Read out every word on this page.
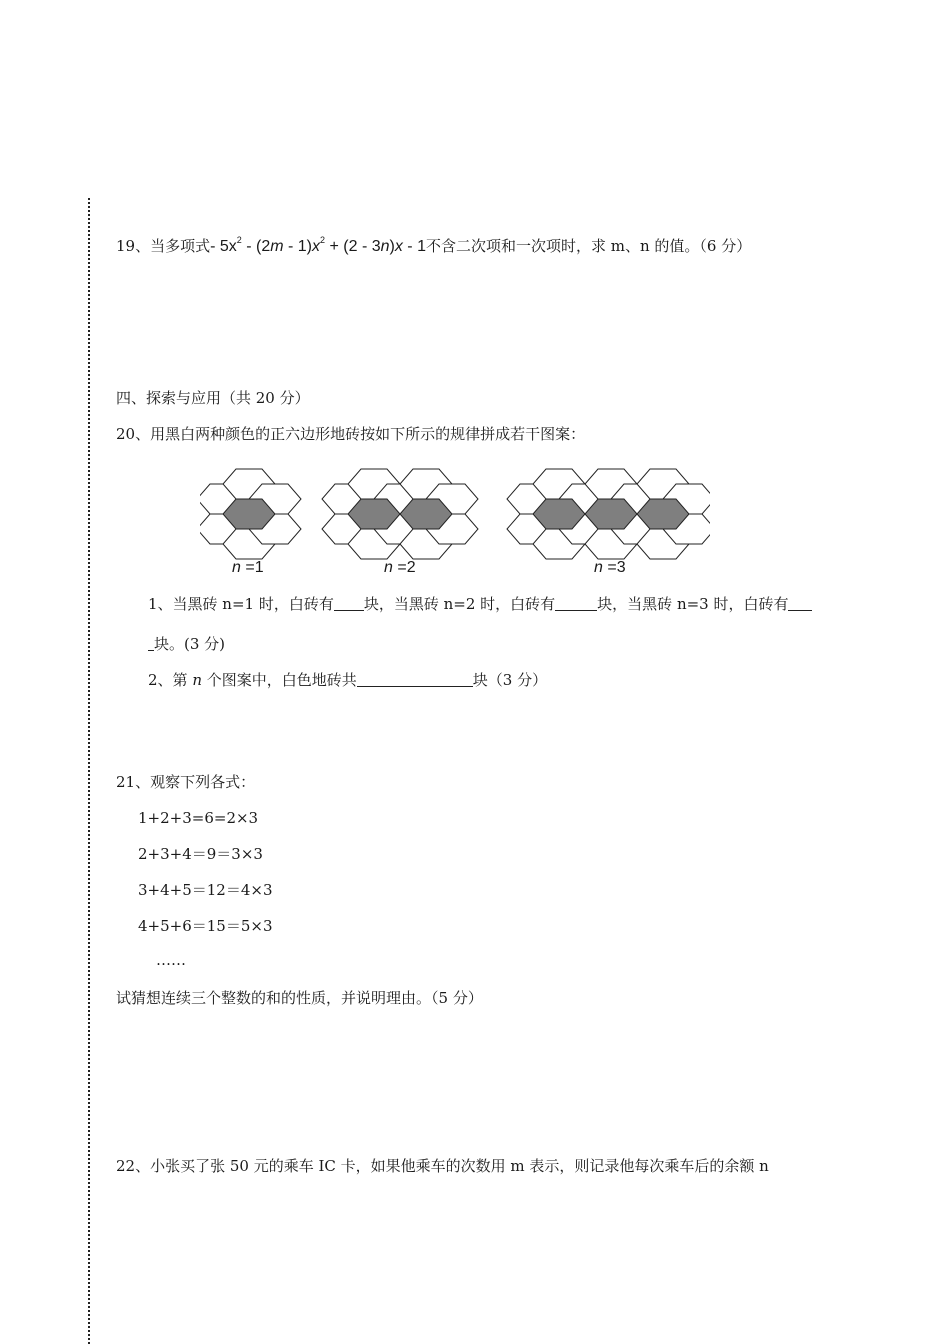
19、当多项式- $5x^2 - (2m - 1)x^2 + (2 - 3n)x - 1$不含二次项和一次项时，求 m、n 的值。（6 分）
四、探索与应用（共 20 分）
20、用黑白两种颜色的正六边形地砖按如下所示的规律拼成若干图案：
n =1	n =2	n =3
1、当黑砖 n=1 时，白砖有 块，当黑砖 n=2 时，白砖有	块，当黑砖 n=3 时，白砖有
块。(3 分)
2、第 n 个图案中，白色地砖共	块（3 分）
21、观察下列各式：
1+2+3=6=2×3
2+3+4＝9＝3×3
3+4+5＝12＝4×3
4+5+6＝15＝5×3
……
试猜想连续三个整数的和的性质，并说明理由。（5 分）
22、小张买了张 50 元的乘车 IC 卡，如果他乘车的次数用 m 表示，则记录他每次乘车后的余额 n
